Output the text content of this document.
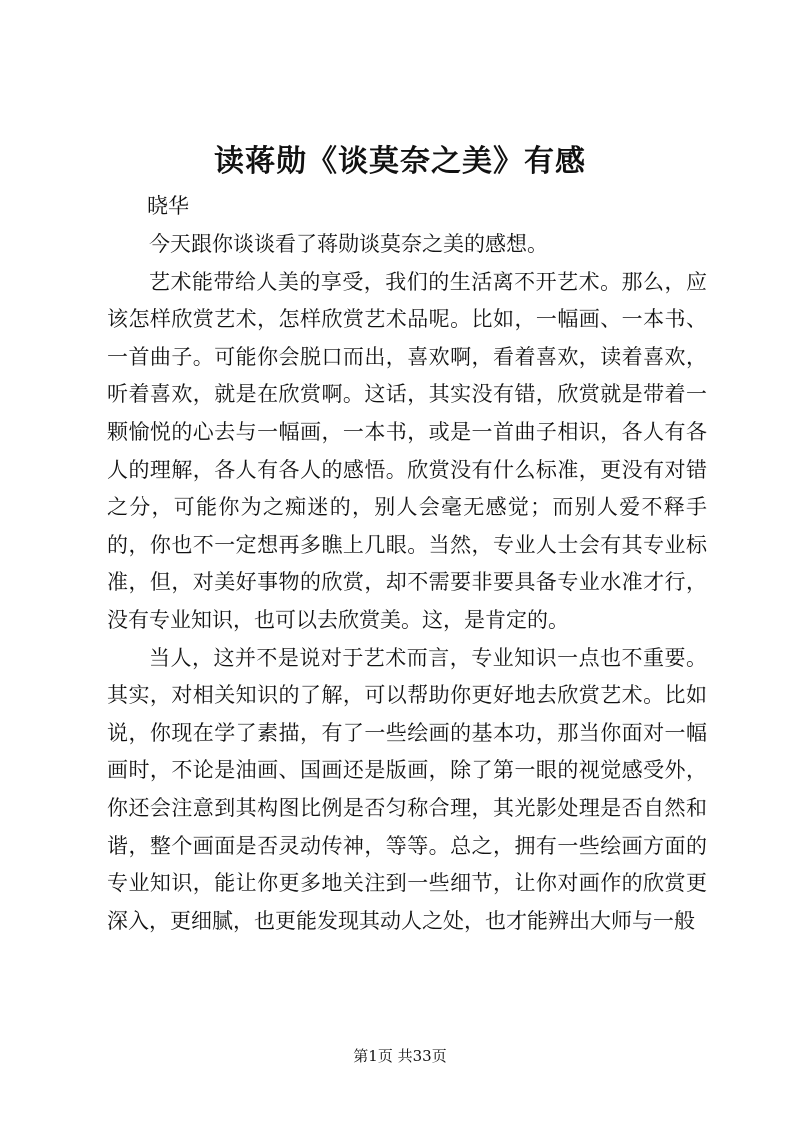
读蒋勋《谈莫奈之美》有感
晓华

今天跟你谈谈看了蒋勋谈莫奈之美的感想。

艺术能带给人美的享受，我们的生活离不开艺术。那么，应该怎样欣赏艺术，怎样欣赏艺术品呢。比如，一幅画、一本书、一首曲子。可能你会脱口而出，喜欢啊，看着喜欢，读着喜欢，听着喜欢，就是在欣赏啊。这话，其实没有错，欣赏就是带着一颗愉悦的心去与一幅画，一本书，或是一首曲子相识，各人有各人的理解，各人有各人的感悟。欣赏没有什么标准，更没有对错之分，可能你为之痴迷的，别人会毫无感觉；而别人爱不释手的，你也不一定想再多瞧上几眼。当然，专业人士会有其专业标准，但，对美好事物的欣赏，却不需要非要具备专业水准才行，没有专业知识，也可以去欣赏美。这，是肯定的。

当人，这并不是说对于艺术而言，专业知识一点也不重要。其实，对相关知识的了解，可以帮助你更好地去欣赏艺术。比如说，你现在学了素描，有了一些绘画的基本功，那当你面对一幅画时，不论是油画、国画还是版画，除了第一眼的视觉感受外，你还会注意到其构图比例是否匀称合理，其光影处理是否自然和谐，整个画面是否灵动传神，等等。总之，拥有一些绘画方面的专业知识，能让你更多地关注到一些细节，让你对画作的欣赏更深入，更细腻，也更能发现其动人之处，也才能辨出大师与一般

第1页 共33页
